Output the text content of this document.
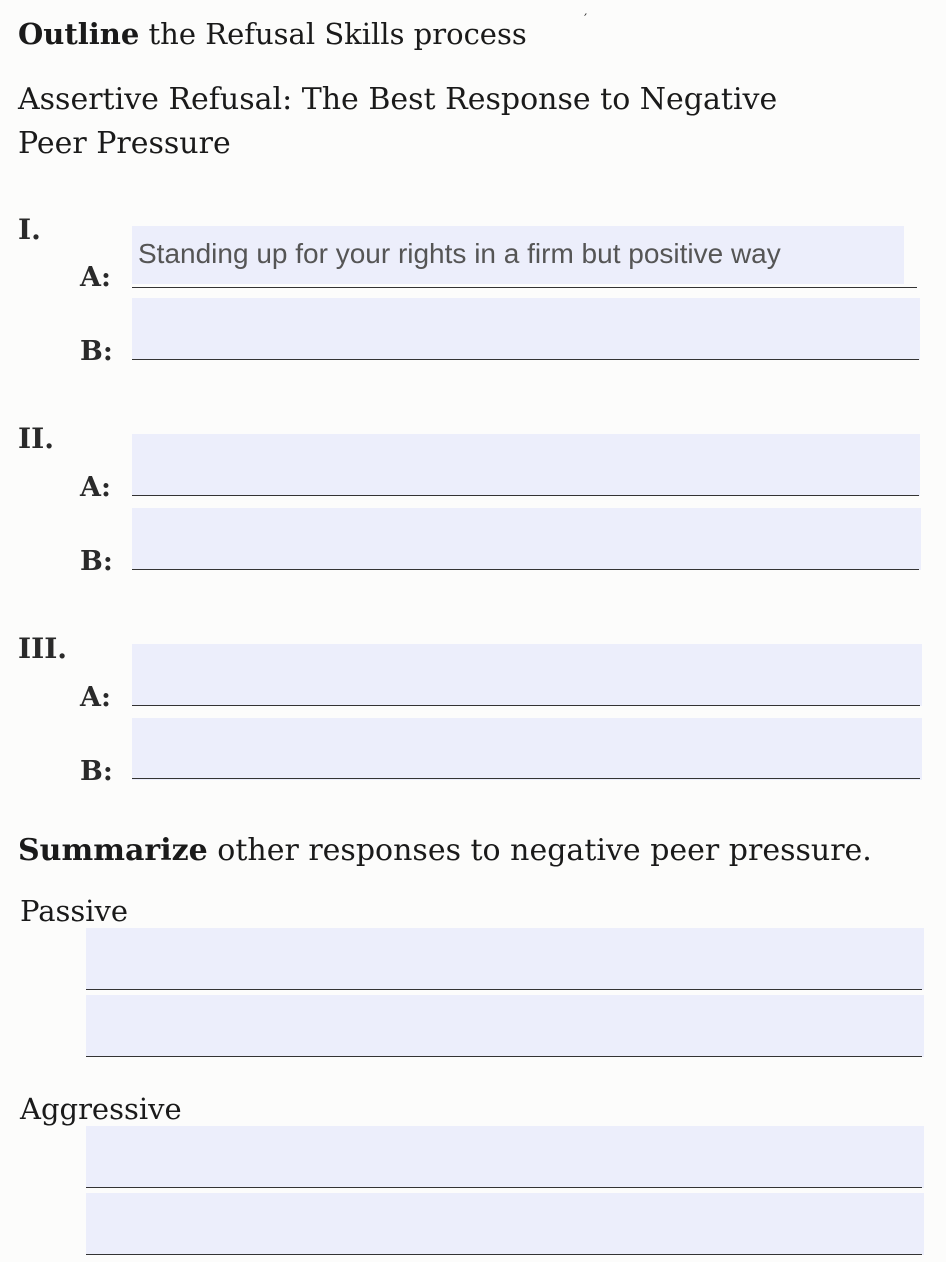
Outline the Refusal Skills process	′
Assertive Refusal: The Best Response to Negative Peer Pressure
I.
Standing up for your rights in a firm but positive way
A:
B:
II.
A:
B:
III.
A:
B:
Summarize other responses to negative peer pressure.
Passive
Aggressive
